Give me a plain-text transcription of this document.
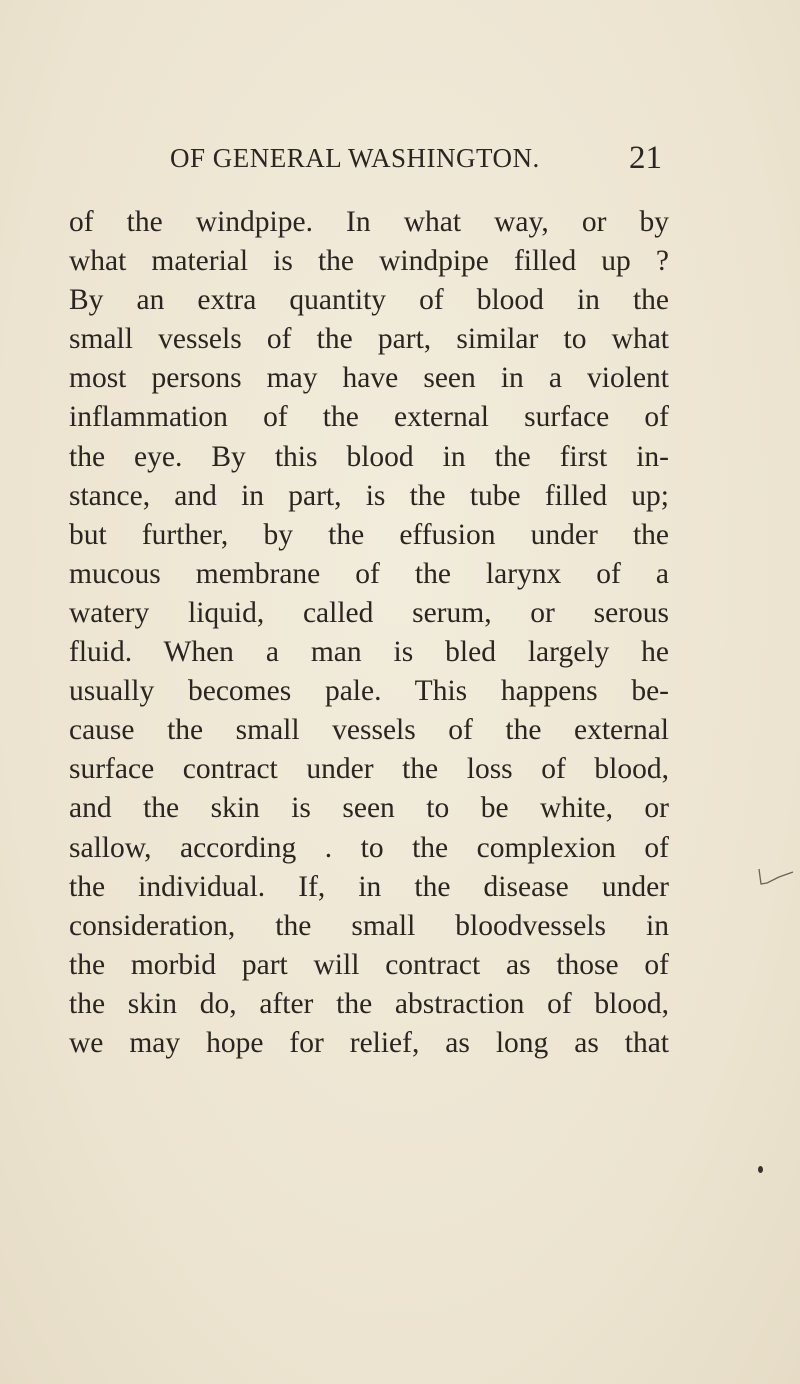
OF GENERAL WASHINGTON.	21
of the windpipe. In what way, or by
what material is the windpipe filled up ?
By an extra quantity of blood in the
small vessels of the part, similar to what
most persons may have seen in a violent
inflammation of the external surface of
the eye. By this blood in the first in-
stance, and in part, is the tube filled up;
but further, by the effusion under the
mucous membrane of the larynx of a
watery liquid, called serum, or serous
fluid. When a man is bled largely he
usually becomes pale. This happens be-
cause the small vessels of the external
surface contract under the loss of blood,
and the skin is seen to be white, or
sallow, according . to the complexion of
the individual. If, in the disease under
consideration, the small bloodvessels in
the morbid part will contract as those of
the skin do, after the abstraction of blood,
we may hope for relief, as long as that
